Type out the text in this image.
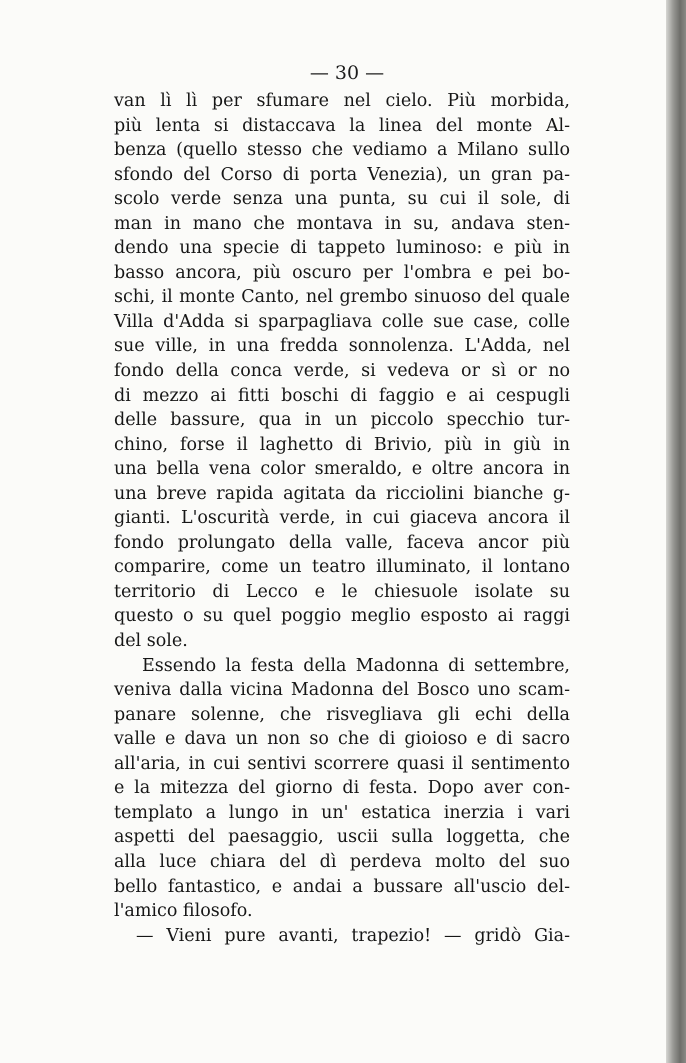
— 30 —

van lì lì per sfumare nel cielo. Più morbida,
più lenta si distaccava la linea del monte Al-
benza (quello stesso che vediamo a Milano sullo
sfondo del Corso di porta Venezia), un gran pa-
scolo verde senza una punta, su cui il sole, di
man in mano che montava in su, andava sten-
dendo una specie di tappeto luminoso: e più in
basso ancora, più oscuro per l'ombra e pei bo-
schi, il monte Canto, nel grembo sinuoso del quale
Villa d'Adda si sparpagliava colle sue case, colle
sue ville, in una fredda sonnolenza. L'Adda, nel
fondo della conca verde, si vedeva or sì or no
di mezzo ai fitti boschi di faggio e ai cespugli
delle bassure, qua in un piccolo specchio tur-
chino, forse il laghetto di Brivio, più in giù in
una bella vena color smeraldo, e oltre ancora in
una breve rapida agitata da ricciolini bianche g-
gianti. L'oscurità verde, in cui giaceva ancora il
fondo prolungato della valle, faceva ancor più
comparire, come un teatro illuminato, il lontano
territorio di Lecco e le chiesuole isolate su
questo o su quel poggio meglio esposto ai raggi
del sole.
Essendo la festa della Madonna di settembre,
veniva dalla vicina Madonna del Bosco uno scam-
panare solenne, che risvegliava gli echi della
valle e dava un non so che di gioioso e di sacro
all'aria, in cui sentivi scorrere quasi il sentimento
e la mitezza del giorno di festa. Dopo aver con-
templato a lungo in un' estatica inerzia i vari
aspetti del paesaggio, uscii sulla loggetta, che
alla luce chiara del dì perdeva molto del suo
bello fantastico, e andai a bussare all'uscio del-
l'amico filosofo.
— Vieni pure avanti, trapezio! — gridò Gia-
